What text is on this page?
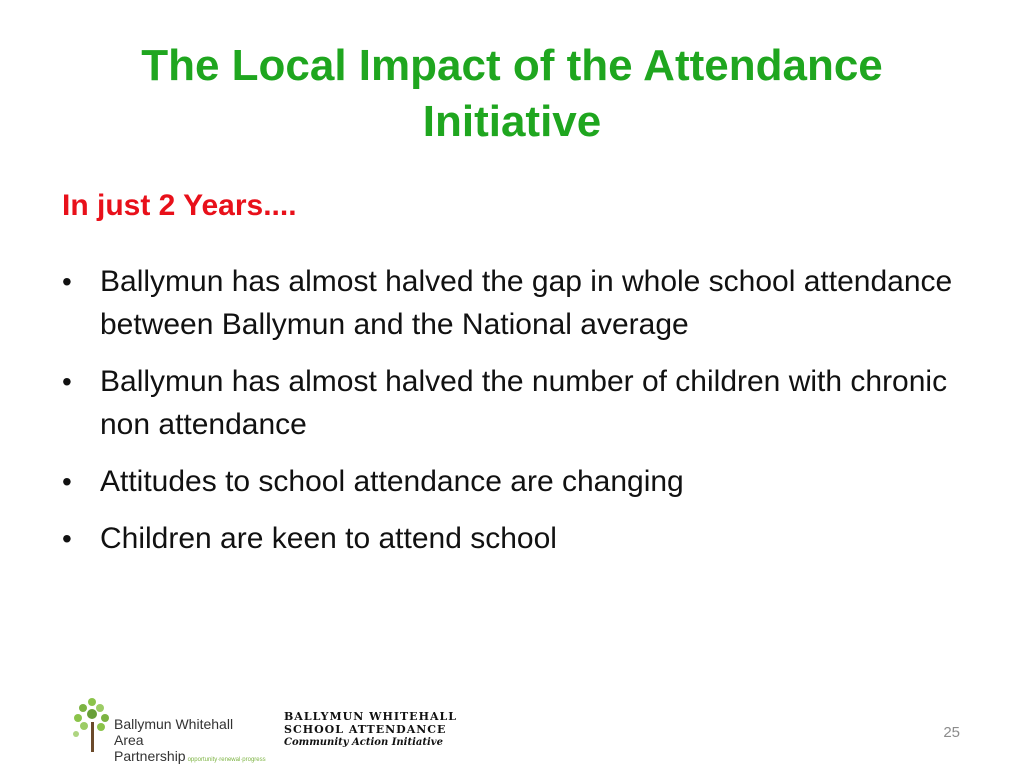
The Local Impact of the Attendance Initiative
In just 2 Years....
• Ballymun has almost halved the gap in whole school attendance between Ballymun and the National average
• Ballymun has almost halved the number of children with chronic non attendance
• Attitudes to school attendance are changing
• Children are keen to attend school
Ballymun Whitehall Area
Partnership opportunity·renewal·progress
BALLYMUN WHITEHALL
SCHOOL ATTENDANCE
Community Action Initiative
25
